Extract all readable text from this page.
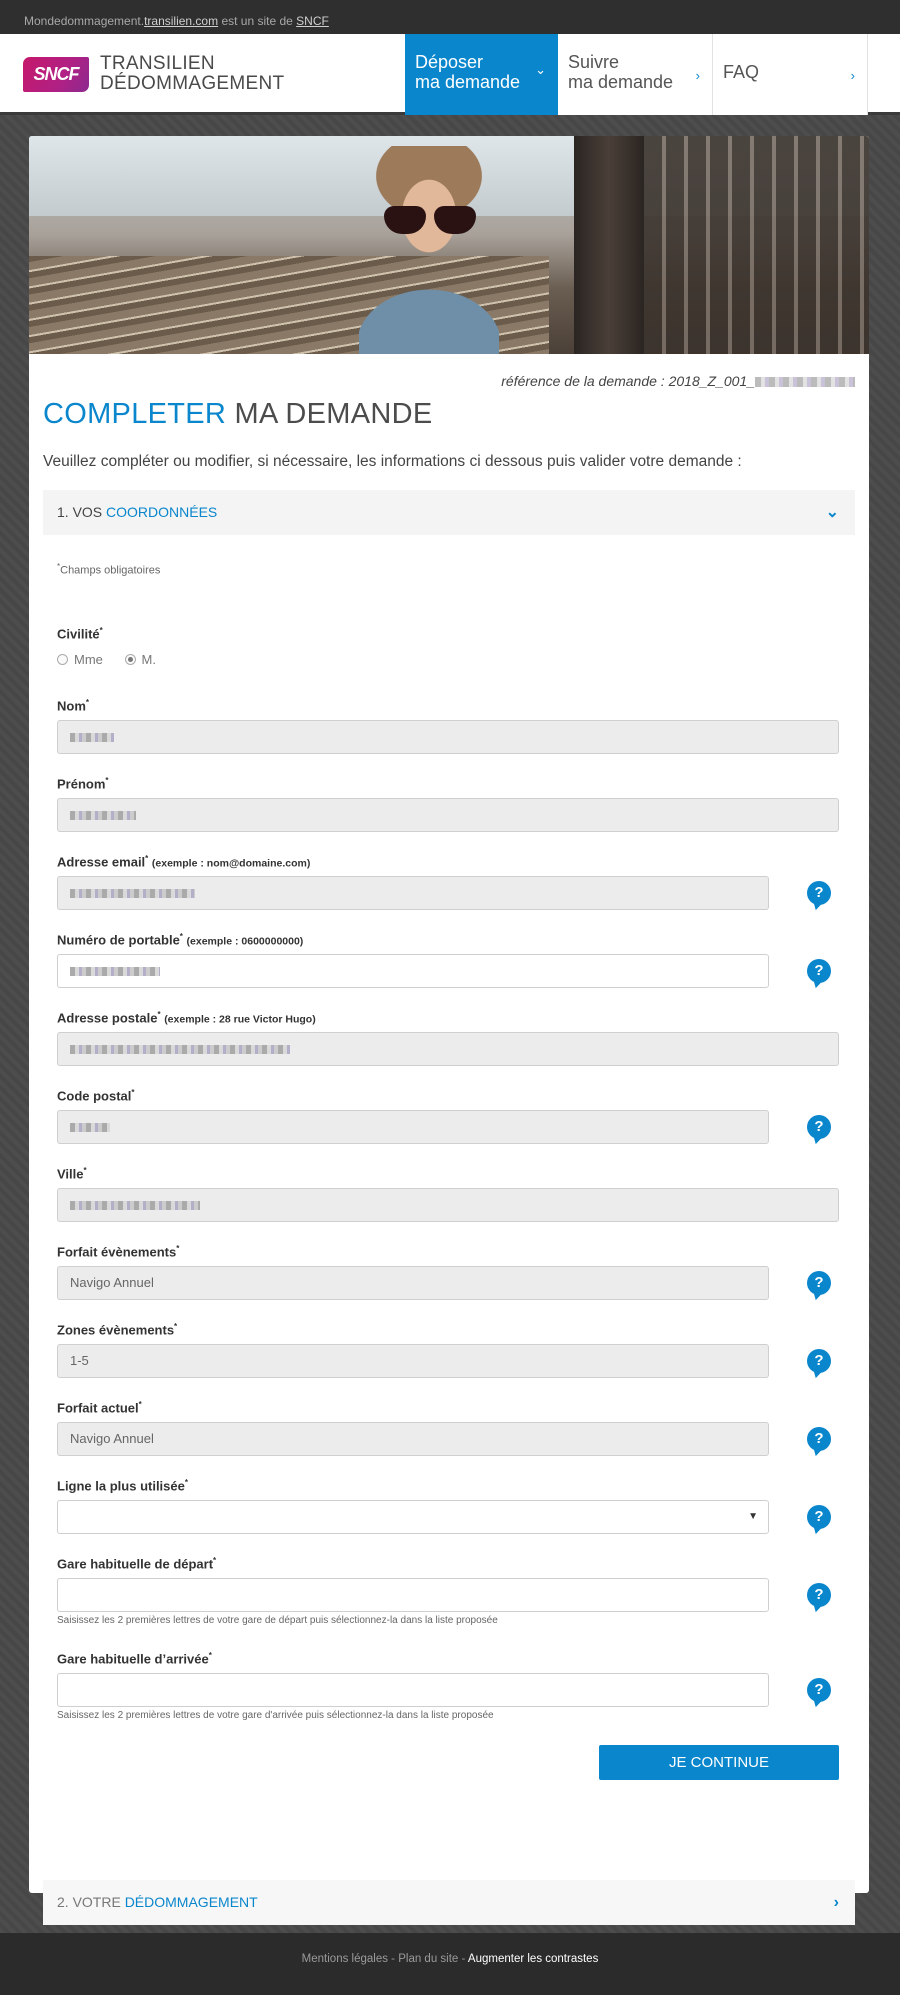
Mondedommagement.transilien.com est un site de SNCF
SNCF	TRANSILIEN
DÉDOMMAGEMENT
Déposer
ma demande
⌄ Suivre
ma demande	› FAQ	›
référence de la demande : 2018_Z_001_
COMPLETER MA DEMANDE
Veuillez compléter ou modifier, si nécessaire, les informations ci dessous puis valider votre demande :
1. VOS COORDONNÉES	⌄
*Champs obligatoires
Civilité*
Mme	M.
Nom*
Prénom*
Adresse email* (exemple : nom@domaine.com)
?
Numéro de portable* (exemple : 0600000000)
?
Adresse postale* (exemple : 28 rue Victor Hugo)
Code postal*
?
Ville*
Forfait évènements*
Navigo Annuel	?
Zones évènements*
1-5	?
Forfait actuel*
Navigo Annuel	?
Ligne la plus utilisée*
▼	?
Gare habituelle de départ*
Saisissez les 2 premières lettres de votre gare de départ puis sélectionnez-la dans la liste proposée
?
Gare habituelle d’arrivée*
Saisissez les 2 premières lettres de votre gare d'arrivée puis sélectionnez-la dans la liste proposée
?
JE CONTINUE
2. VOTRE DÉDOMMAGEMENT	›
Mentions légales - Plan du site - Augmenter les contrastes
